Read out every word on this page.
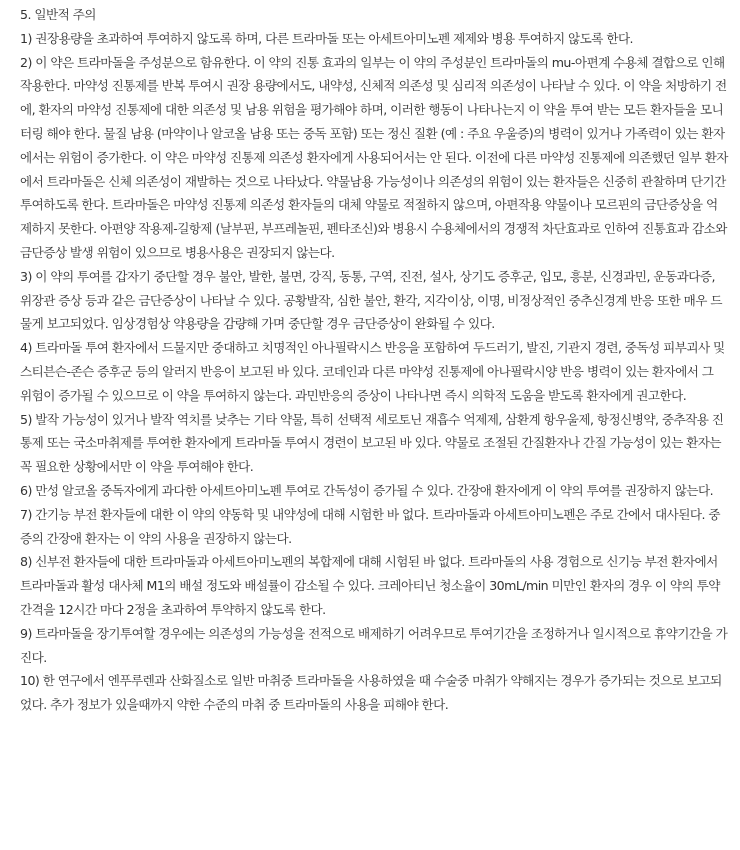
5. 일반적 주의

1) 권장용량을 초과하여 투여하지 않도록 하며, 다른 트라마돌 또는 아세트아미노펜 제제와 병용 투여하지 않도록 한다.

2) 이 약은 트라마돌을 주성분으로 함유한다. 이 약의 진통 효과의 일부는 이 약의 주성분인 트라마돌의 mu-아편계 수용체 결합으로 인해 작용한다. 마약성 진통제를 반복 투여시 권장 용량에서도, 내약성, 신체적 의존성 및 심리적 의존성이 나타날 수 있다. 이 약을 처방하기 전에, 환자의 마약성 진통제에 대한 의존성 및 남용 위험을 평가해야 하며, 이러한 행동이 나타나는지 이 약을 투여 받는 모든 환자들을 모니터링 해야 한다. 물질 남용 (마약이나 알코올 남용 또는 중독 포함) 또는 정신 질환 (예 : 주요 우울증)의 병력이 있거나 가족력이 있는 환자에서는 위험이 증가한다. 이 약은 마약성 진통제 의존성 환자에게 사용되어서는 안 된다. 이전에 다른 마약성 진통제에 의존했던 일부 환자에서 트라마돌은 신체 의존성이 재발하는 것으로 나타났다. 약물남용 가능성이나 의존성의 위험이 있는 환자들은 신중히 관찰하며 단기간 투여하도록 한다. 트라마돌은 마약성 진통제 의존성 환자들의 대체 약물로 적절하지 않으며, 아편작용 약물이나 모르핀의 금단증상을 억제하지 못한다. 아편양 작용제-길항제 (날부핀, 부프레놀핀, 펜타조신)와 병용시 수용체에서의 경쟁적 차단효과로 인하여 진통효과 감소와 금단증상 발생 위험이 있으므로 병용사용은 권장되지 않는다.

3) 이 약의 투여를 갑자기 중단할 경우 불안, 발한, 불면, 강직, 동통, 구역, 진전, 설사, 상기도 증후군, 입모, 흥분, 신경과민, 운동과다증, 위장관 증상 등과 같은 금단증상이 나타날 수 있다. 공황발작, 심한 불안, 환각, 지각이상, 이명, 비정상적인 중추신경계 반응 또한 매우 드물게 보고되었다. 임상경험상 약용량을 감량해 가며 중단할 경우 금단증상이 완화될 수 있다.

4) 트라마돌 투여 환자에서 드물지만 중대하고 치명적인 아나필락시스 반응을 포함하여 두드러기, 발진, 기관지 경련, 중독성 피부괴사 및 스티븐슨-존슨 증후군 등의 알러지 반응이 보고된 바 있다. 코데인과 다른 마약성 진통제에 아나필락시양 반응 병력이 있는 환자에서 그 위험이 증가될 수 있으므로 이 약을 투여하지 않는다. 과민반응의 증상이 나타나면 즉시 의학적 도움을 받도록 환자에게 권고한다.

5) 발작 가능성이 있거나 발작 역치를 낮추는 기타 약물, 특히 선택적 세로토닌 재흡수 억제제, 삼환계 항우울제, 항정신병약, 중추작용 진통제 또는 국소마취제를 투여한 환자에게 트라마돌 투여시 경련이 보고된 바 있다. 약물로 조절된 간질환자나 간질 가능성이 있는 환자는 꼭 필요한 상황에서만 이 약을 투여해야 한다.

6) 만성 알코올 중독자에게 과다한 아세트아미노펜 투여로 간독성이 증가될 수 있다. 간장애 환자에게 이 약의 투여를 권장하지 않는다.

7) 간기능 부전 환자들에 대한 이 약의 약동학 및 내약성에 대해 시험한 바 없다. 트라마돌과 아세트아미노펜은 주로 간에서 대사된다. 중증의 간장애 환자는 이 약의 사용을 권장하지 않는다.

8) 신부전 환자들에 대한 트라마돌과 아세트아미노펜의 복합제에 대해 시험된 바 없다. 트라마돌의 사용 경험으로 신기능 부전 환자에서 트라마돌과 활성 대사체 M1의 배설 정도와 배설률이 감소될 수 있다. 크레아티닌 청소율이 30mL/min 미만인 환자의 경우 이 약의 투약간격을 12시간 마다 2정을 초과하여 투약하지 않도록 한다.

9) 트라마돌을 장기투여할 경우에는 의존성의 가능성을 전적으로 배제하기 어려우므로 투여기간을 조정하거나 일시적으로 휴약기간을 가진다.

10) 한 연구에서 엔푸루렌과 산화질소로 일반 마취중 트라마돌을 사용하였을 때 수술중 마취가 약해지는 경우가 증가되는 것으로 보고되었다. 추가 정보가 있을때까지 약한 수준의 마취 중 트라마돌의 사용을 피해야 한다.
